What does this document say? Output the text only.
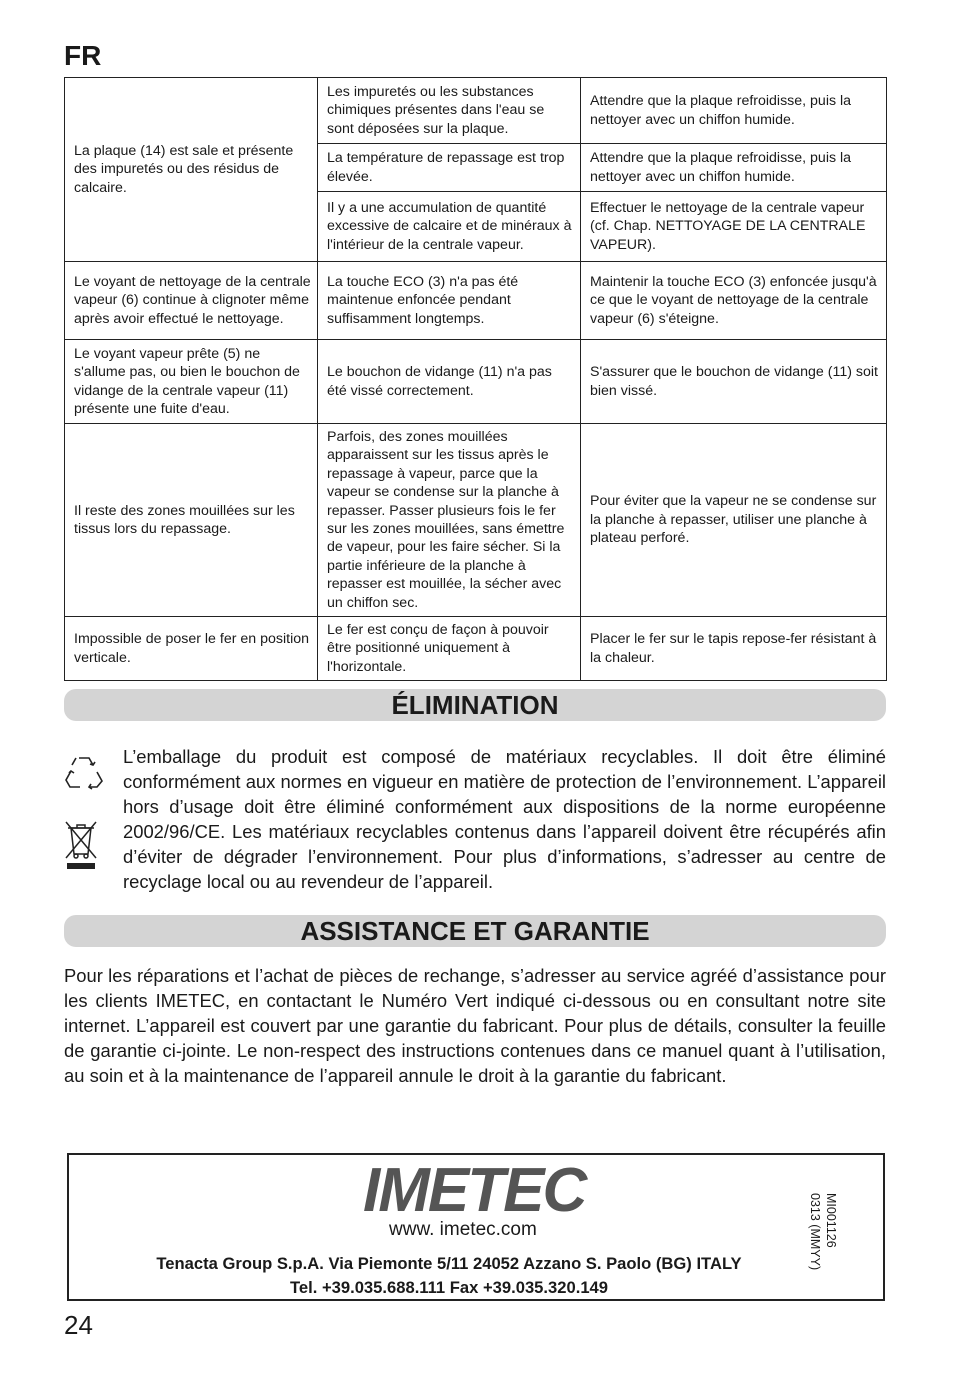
FR
La plaque (14) est sale et présente des impuretés ou des résidus de calcaire.	Les impuretés ou les substances chimiques présentes dans l'eau se sont déposées sur la plaque.	Attendre que la plaque refroidisse, puis la nettoyer avec un chiffon humide.
	La température de repassage est trop élevée.	Attendre que la plaque refroidisse, puis la nettoyer avec un chiffon humide.
	Il y a une accumulation de quantité excessive de calcaire et de minéraux à l'intérieur de la centrale vapeur.	Effectuer le nettoyage de la centrale vapeur (cf. Chap. NETTOYAGE DE LA CENTRALE VAPEUR).
Le voyant de nettoyage de la centrale vapeur (6) continue à clignoter même après avoir effectué le nettoyage.	La touche ECO (3) n'a pas été maintenue enfoncée pendant suffisamment longtemps.	Maintenir la touche ECO (3) enfoncée jusqu'à ce que le voyant de nettoyage de la centrale vapeur (6) s'éteigne.
Le voyant vapeur prête (5) ne s'allume pas, ou bien le bouchon de vidange de la centrale vapeur (11) présente une fuite d'eau.	Le bouchon de vidange (11) n'a pas été vissé correctement.	S'assurer que le bouchon de vidange (11) soit bien vissé.
Il reste des zones mouillées sur les tissus lors du repassage.	Parfois, des zones mouillées apparaissent sur les tissus après le repassage à vapeur, parce que la vapeur se condense sur la planche à repasser. Passer plusieurs fois le fer sur les zones mouillées, sans émettre de vapeur, pour les faire sécher. Si la partie inférieure de la planche à repasser est mouillée, la sécher avec un chiffon sec.	Pour éviter que la vapeur ne se condense sur la planche à repasser, utiliser une planche à plateau perforé.
Impossible de poser le fer en position verticale.	Le fer est conçu de façon à pouvoir être positionné uniquement à l'horizontale.	Placer le fer sur le tapis repose-fer résistant à la chaleur.
ÉLIMINATION

L’emballage du produit est composé de matériaux recyclables. Il doit être éliminé conformément aux normes en vigueur en matière de protection de l’environnement. L’appareil hors d’usage doit être éliminé conformément aux dispositions de la norme européenne 2002/96/CE. Les matériaux recyclables contenus dans l’appareil doivent être récupérés afin d’éviter de dégrader l’environnement. Pour plus d’informations, s’adresser au centre de recyclage local ou au revendeur de l’appareil.

ASSISTANCE ET GARANTIE

Pour les réparations et l’achat de pièces de rechange, s’adresser au service agréé d’assistance pour les clients IMETEC, en contactant le Numéro Vert indiqué ci-dessous ou en consultant notre site internet. L’appareil est couvert par une garantie du fabricant. Pour plus de détails, consulter la feuille de garantie ci-jointe. Le non-respect des instructions contenues dans ce manuel quant à l’utilisation, au soin et à la maintenance de l’appareil annule le droit à la garantie du fabricant.

IMETEC
www. imetec.com
Tenacta Group S.p.A. Via Piemonte 5/11 24052 Azzano S. Paolo (BG) ITALY
Tel. +39.035.688.111 Fax +39.035.320.149
MI001126
0313 (MMYY)
24
